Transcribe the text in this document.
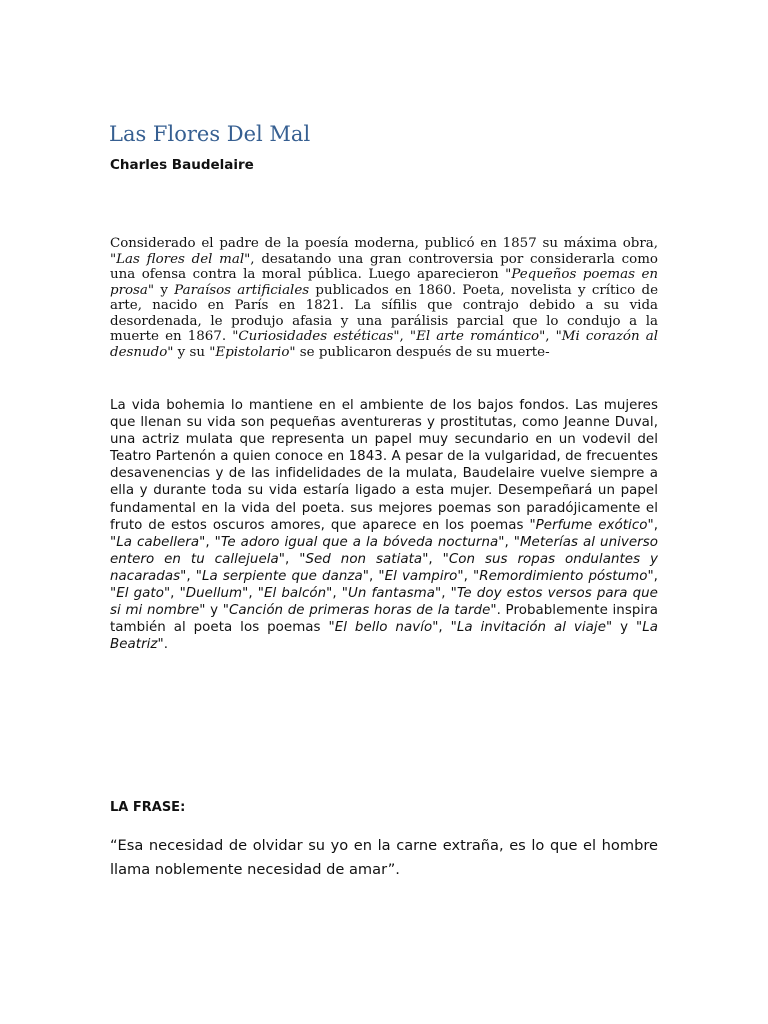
Las Flores Del Mal

Charles Baudelaire

Considerado el padre de la poesía moderna, publicó en 1857 su máxima obra, "Las flores del mal", desatando una gran controversia por considerarla como una ofensa contra la moral pública. Luego aparecieron "Pequeños poemas en prosa" y Paraísos artificiales publicados en 1860. Poeta, novelista y crítico de arte, nacido en París en 1821. La sífilis que contrajo debido a su vida desordenada, le produjo afasia y una parálisis parcial que lo condujo a la muerte en 1867. "Curiosidades estéticas", "El arte romántico", "Mi corazón al desnudo" y su "Epistolario" se publicaron después de su muerte-

La vida bohemia lo mantiene en el ambiente de los bajos fondos. Las mujeres que llenan su vida son pequeñas aventureras y prostitutas, como Jeanne Duval, una actriz mulata que representa un papel muy secundario en un vodevil del Teatro Partenón a quien conoce en 1843. A pesar de la vulgaridad, de frecuentes desavenencias y de las infidelidades de la mulata, Baudelaire vuelve siempre a ella y durante toda su vida estaría ligado a esta mujer. Desempeñará un papel fundamental en la vida del poeta. sus mejores poemas son paradójicamente el fruto de estos oscuros amores, que aparece en los poemas "Perfume exótico", "La cabellera", "Te adoro igual que a la bóveda nocturna", "Meterías al universo entero en tu callejuela", "Sed non satiata", "Con sus ropas ondulantes y nacaradas", "La serpiente que danza", "El vampiro", "Remordimiento póstumo", "El gato", "Duellum", "El balcón", "Un fantasma", "Te doy estos versos para que si mi nombre" y "Canción de primeras horas de la tarde". Probablemente inspira también al poeta los poemas "El bello navío", "La invitación al viaje" y "La Beatriz".

LA FRASE:

“Esa necesidad de olvidar su yo en la carne extraña, es lo que el hombre llama noblemente necesidad de amar”.
